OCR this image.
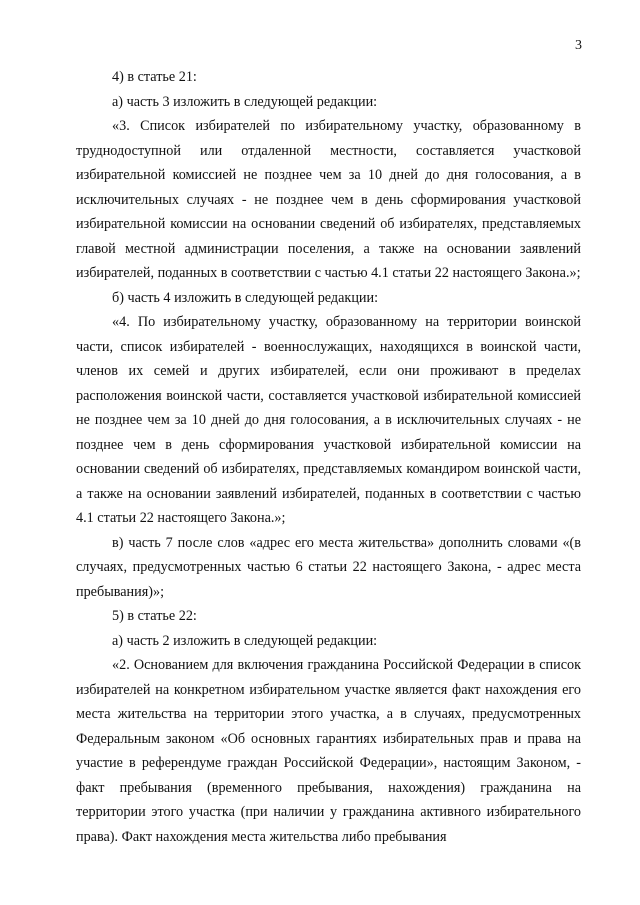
3

4) в статье 21:

а) часть 3 изложить в следующей редакции:

«3. Список избирателей по избирательному участку, образованному в труднодоступной или отдаленной местности, составляется участковой избирательной комиссией не позднее чем за 10 дней до дня голосования, а в исключительных случаях - не позднее чем в день сформирования участковой избирательной комиссии на основании сведений об избирателях, представляемых главой местной администрации поселения, а также на основании заявлений избирателей, поданных в соответствии с частью 4.1 статьи 22 настоящего Закона.»;

б) часть 4 изложить в следующей редакции:

«4. По избирательному участку, образованному на территории воинской части, список избирателей - военнослужащих, находящихся в воинской части, членов их семей и других избирателей, если они проживают в пределах расположения воинской части, составляется участковой избирательной комиссией не позднее чем за 10 дней до дня голосования, а в исключительных случаях - не позднее чем в день сформирования участковой избирательной комиссии на основании сведений об избирателях, представляемых командиром воинской части, а также на основании заявлений избирателей, поданных в соответствии с частью 4.1 статьи 22 настоящего Закона.»;

в) часть 7 после слов «адрес его места жительства» дополнить словами «(в случаях, предусмотренных частью 6 статьи 22 настоящего Закона, - адрес места пребывания)»;

5) в статье 22:

а) часть 2 изложить в следующей редакции:

«2. Основанием для включения гражданина Российской Федерации в список избирателей на конкретном избирательном участке является факт нахождения его места жительства на территории этого участка, а в случаях, предусмотренных Федеральным законом «Об основных гарантиях избирательных прав и права на участие в референдуме граждан Российской Федерации», настоящим Законом, - факт пребывания (временного пребывания, нахождения) гражданина на территории этого участка (при наличии у гражданина активного избирательного права). Факт нахождения места жительства либо пребывания
